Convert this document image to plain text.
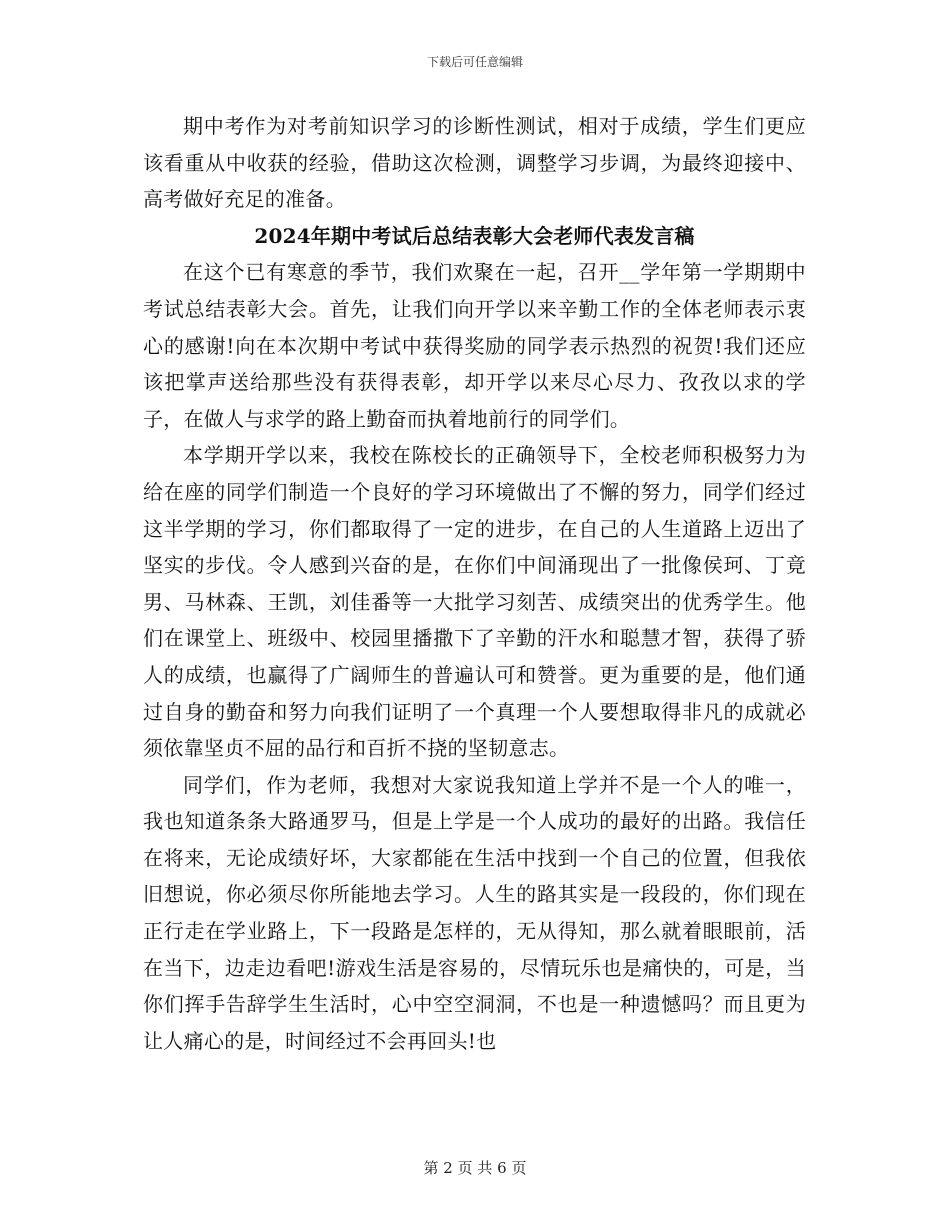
下载后可任意编辑

期中考作为对考前知识学习的诊断性测试，相对于成绩，学生们更应该看重从中收获的经验，借助这次检测，调整学习步调，为最终迎接中、高考做好充足的准备。

2024年期中考试后总结表彰大会老师代表发言稿

在这个已有寒意的季节，我们欢聚在一起，召开__学年第一学期期中考试总结表彰大会。首先，让我们向开学以来辛勤工作的全体老师表示衷心的感谢!向在本次期中考试中获得奖励的同学表示热烈的祝贺!我们还应该把掌声送给那些没有获得表彰，却开学以来尽心尽力、孜孜以求的学子，在做人与求学的路上勤奋而执着地前行的同学们。

本学期开学以来，我校在陈校长的正确领导下，全校老师积极努力为给在座的同学们制造一个良好的学习环境做出了不懈的努力，同学们经过这半学期的学习，你们都取得了一定的进步，在自己的人生道路上迈出了坚实的步伐。令人感到兴奋的是，在你们中间涌现出了一批像侯珂、丁竟男、马林森、王凯，刘佳番等一大批学习刻苦、成绩突出的优秀学生。他们在课堂上、班级中、校园里播撒下了辛勤的汗水和聪慧才智，获得了骄人的成绩，也赢得了广阔师生的普遍认可和赞誉。更为重要的是，他们通过自身的勤奋和努力向我们证明了一个真理一个人要想取得非凡的成就必须依靠坚贞不屈的品行和百折不挠的坚韧意志。

同学们，作为老师，我想对大家说我知道上学并不是一个人的唯一，我也知道条条大路通罗马，但是上学是一个人成功的最好的出路。我信任在将来，无论成绩好坏，大家都能在生活中找到一个自己的位置，但我依旧想说，你必须尽你所能地去学习。人生的路其实是一段段的，你们现在正行走在学业路上，下一段路是怎样的，无从得知，那么就着眼眼前，活在当下，边走边看吧!游戏生活是容易的，尽情玩乐也是痛快的，可是，当你们挥手告辞学生生活时，心中空空洞洞，不也是一种遗憾吗？而且更为让人痛心的是，时间经过不会再回头!也

第 2 页 共 6 页
